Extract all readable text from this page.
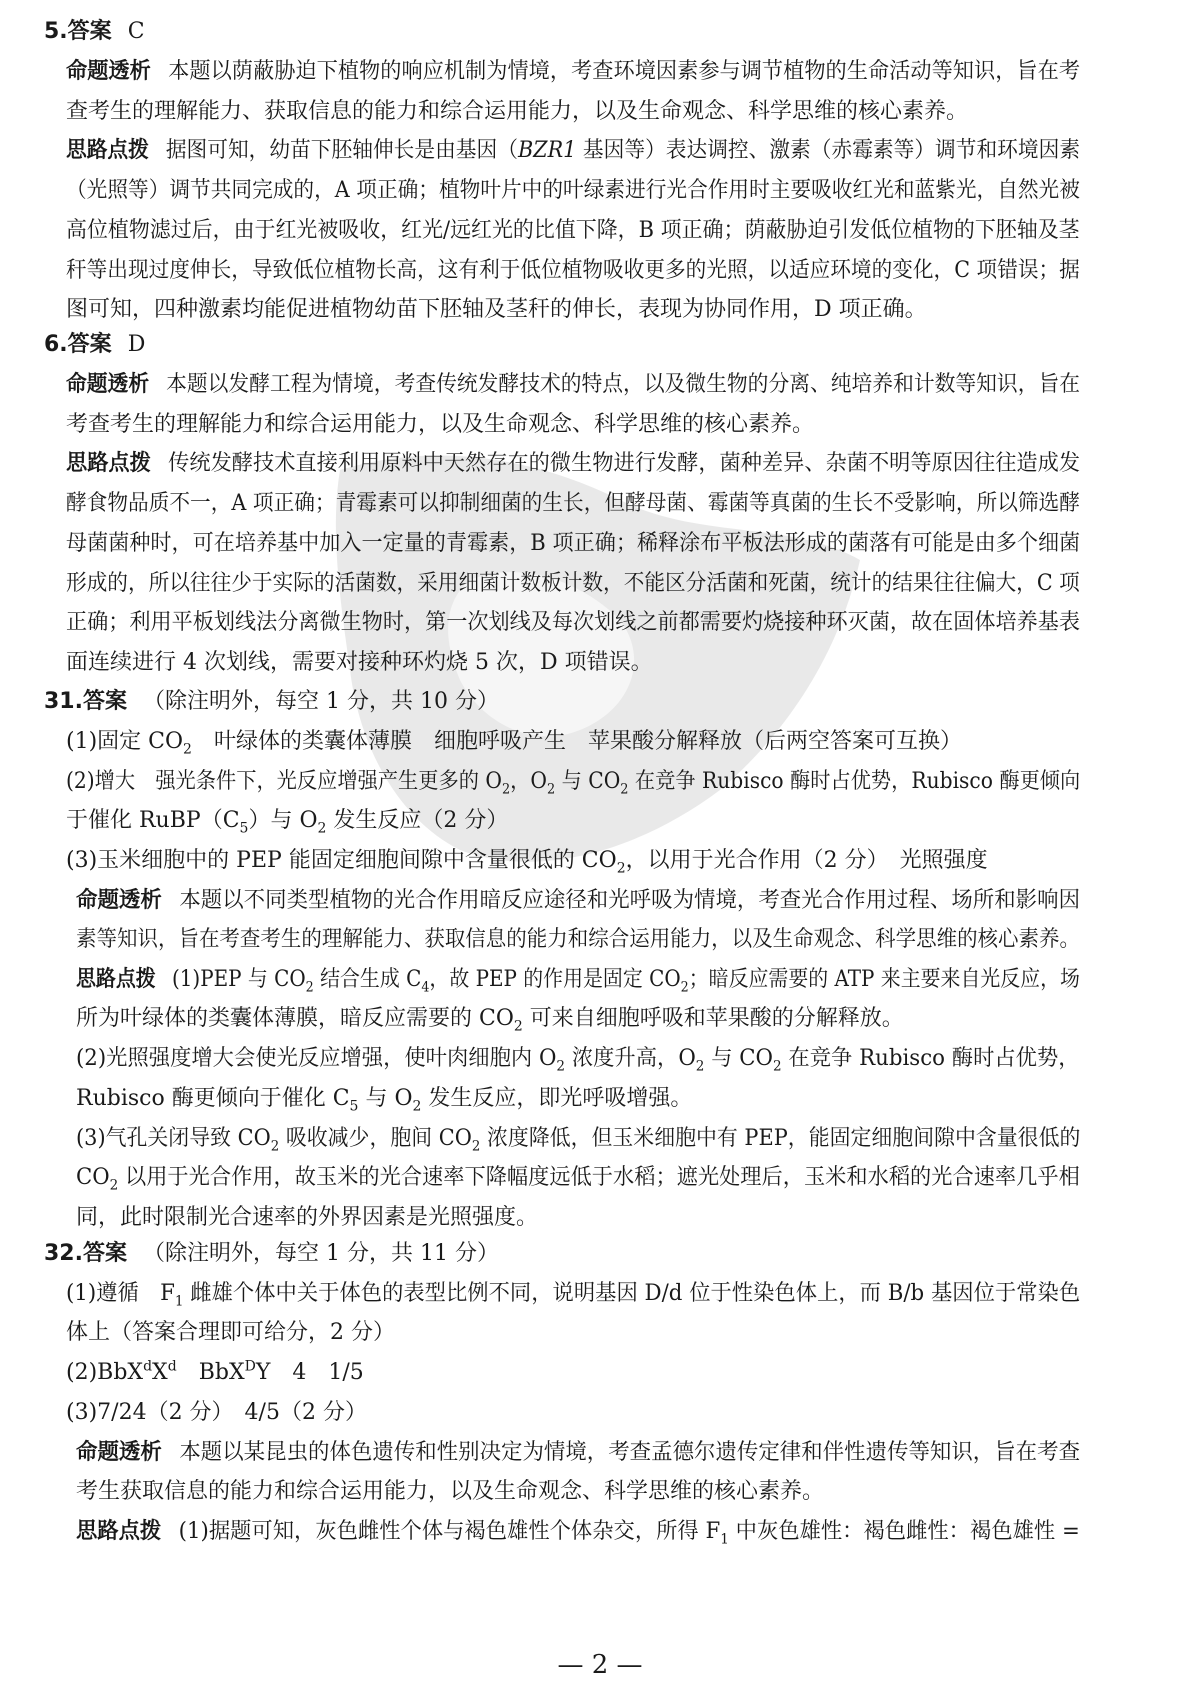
5.答案 C
命题透析 本题以荫蔽胁迫下植物的响应机制为情境，考查环境因素参与调节植物的生命活动等知识，旨在考
查考生的理解能力、获取信息的能力和综合运用能力，以及生命观念、科学思维的核心素养。
思路点拨 据图可知，幼苗下胚轴伸长是由基因（BZR1 基因等）表达调控、激素（赤霉素等）调节和环境因素
（光照等）调节共同完成的，A 项正确；植物叶片中的叶绿素进行光合作用时主要吸收红光和蓝紫光，自然光被
高位植物滤过后，由于红光被吸收，红光/远红光的比值下降，B 项正确；荫蔽胁迫引发低位植物的下胚轴及茎
秆等出现过度伸长，导致低位植物长高，这有利于低位植物吸收更多的光照，以适应环境的变化，C 项错误；据
图可知，四种激素均能促进植物幼苗下胚轴及茎秆的伸长，表现为协同作用，D 项正确。
6.答案 D
命题透析 本题以发酵工程为情境，考查传统发酵技术的特点，以及微生物的分离、纯培养和计数等知识，旨在
考查考生的理解能力和综合运用能力，以及生命观念、科学思维的核心素养。
思路点拨 传统发酵技术直接利用原料中天然存在的微生物进行发酵，菌种差异、杂菌不明等原因往往造成发
酵食物品质不一，A 项正确；青霉素可以抑制细菌的生长，但酵母菌、霉菌等真菌的生长不受影响，所以筛选酵
母菌菌种时，可在培养基中加入一定量的青霉素，B 项正确；稀释涂布平板法形成的菌落有可能是由多个细菌
形成的，所以往往少于实际的活菌数，采用细菌计数板计数，不能区分活菌和死菌，统计的结果往往偏大，C 项
正确；利用平板划线法分离微生物时，第一次划线及每次划线之前都需要灼烧接种环灭菌，故在固体培养基表
面连续进行 4 次划线，需要对接种环灼烧 5 次，D 项错误。
31.答案 （除注明外，每空 1 分，共 10 分）
(1)固定 $CO_2$　叶绿体的类囊体薄膜　细胞呼吸产生　苹果酸分解释放（后两空答案可互换）
(2)增大　强光条件下，光反应增强产生更多的 $O_2$，$O_2$ 与 $CO_2$ 在竞争 Rubisco 酶时占优势，Rubisco 酶更倾向
于催化 $RuBP(C_5)$与 $O_2$ 发生反应（2 分）
(3)玉米细胞中的 PEP 能固定细胞间隙中含量很低的 $CO_2$，以用于光合作用（2 分）　光照强度
命题透析 本题以不同类型植物的光合作用暗反应途径和光呼吸为情境，考查光合作用过程、场所和影响因
素等知识，旨在考查考生的理解能力、获取信息的能力和综合运用能力，以及生命观念、科学思维的核心素养。
思路点拨 (1)PEP 与 $CO_2$ 结合生成 $C_4$，故 PEP 的作用是固定 $CO_2$；暗反应需要的 ATP 来主要来自光反应，场
所为叶绿体的类囊体薄膜，暗反应需要的 $CO_2$ 可来自细胞呼吸和苹果酸的分解释放。
(2)光照强度增大会使光反应增强，使叶肉细胞内 $O_2$ 浓度升高，$O_2$ 与 $CO_2$ 在竞争 Rubisco 酶时占优势，
Rubisco 酶更倾向于催化 $C_5$ 与 $O_2$ 发生反应，即光呼吸增强。
(3)气孔关闭导致 $CO_2$ 吸收减少，胞间 $CO_2$ 浓度降低，但玉米细胞中有 PEP，能固定细胞间隙中含量很低的
$CO_2$ 以用于光合作用，故玉米的光合速率下降幅度远低于水稻；遮光处理后，玉米和水稻的光合速率几乎相
同，此时限制光合速率的外界因素是光照强度。
32.答案 （除注明外，每空 1 分，共 11 分）
(1)遵循　$F_1$ 雌雄个体中关于体色的表型比例不同，说明基因 D/d 位于性染色体上，而 B/b 基因位于常染色
体上（答案合理即可给分，2 分）
$(2)BbX^dX^d$　BbX$^D$Y　4　1/5
(3)7/24（2 分）　4/5（2 分）
命题透析 本题以某昆虫的体色遗传和性别决定为情境，考查孟德尔遗传定律和伴性遗传等知识，旨在考查
考生获取信息的能力和综合运用能力，以及生命观念、科学思维的核心素养。
思路点拨 (1)据题可知，灰色雌性个体与褐色雄性个体杂交，所得 $F_1$ 中灰色雄性：褐色雌性：褐色雄性 =
— 2 —
